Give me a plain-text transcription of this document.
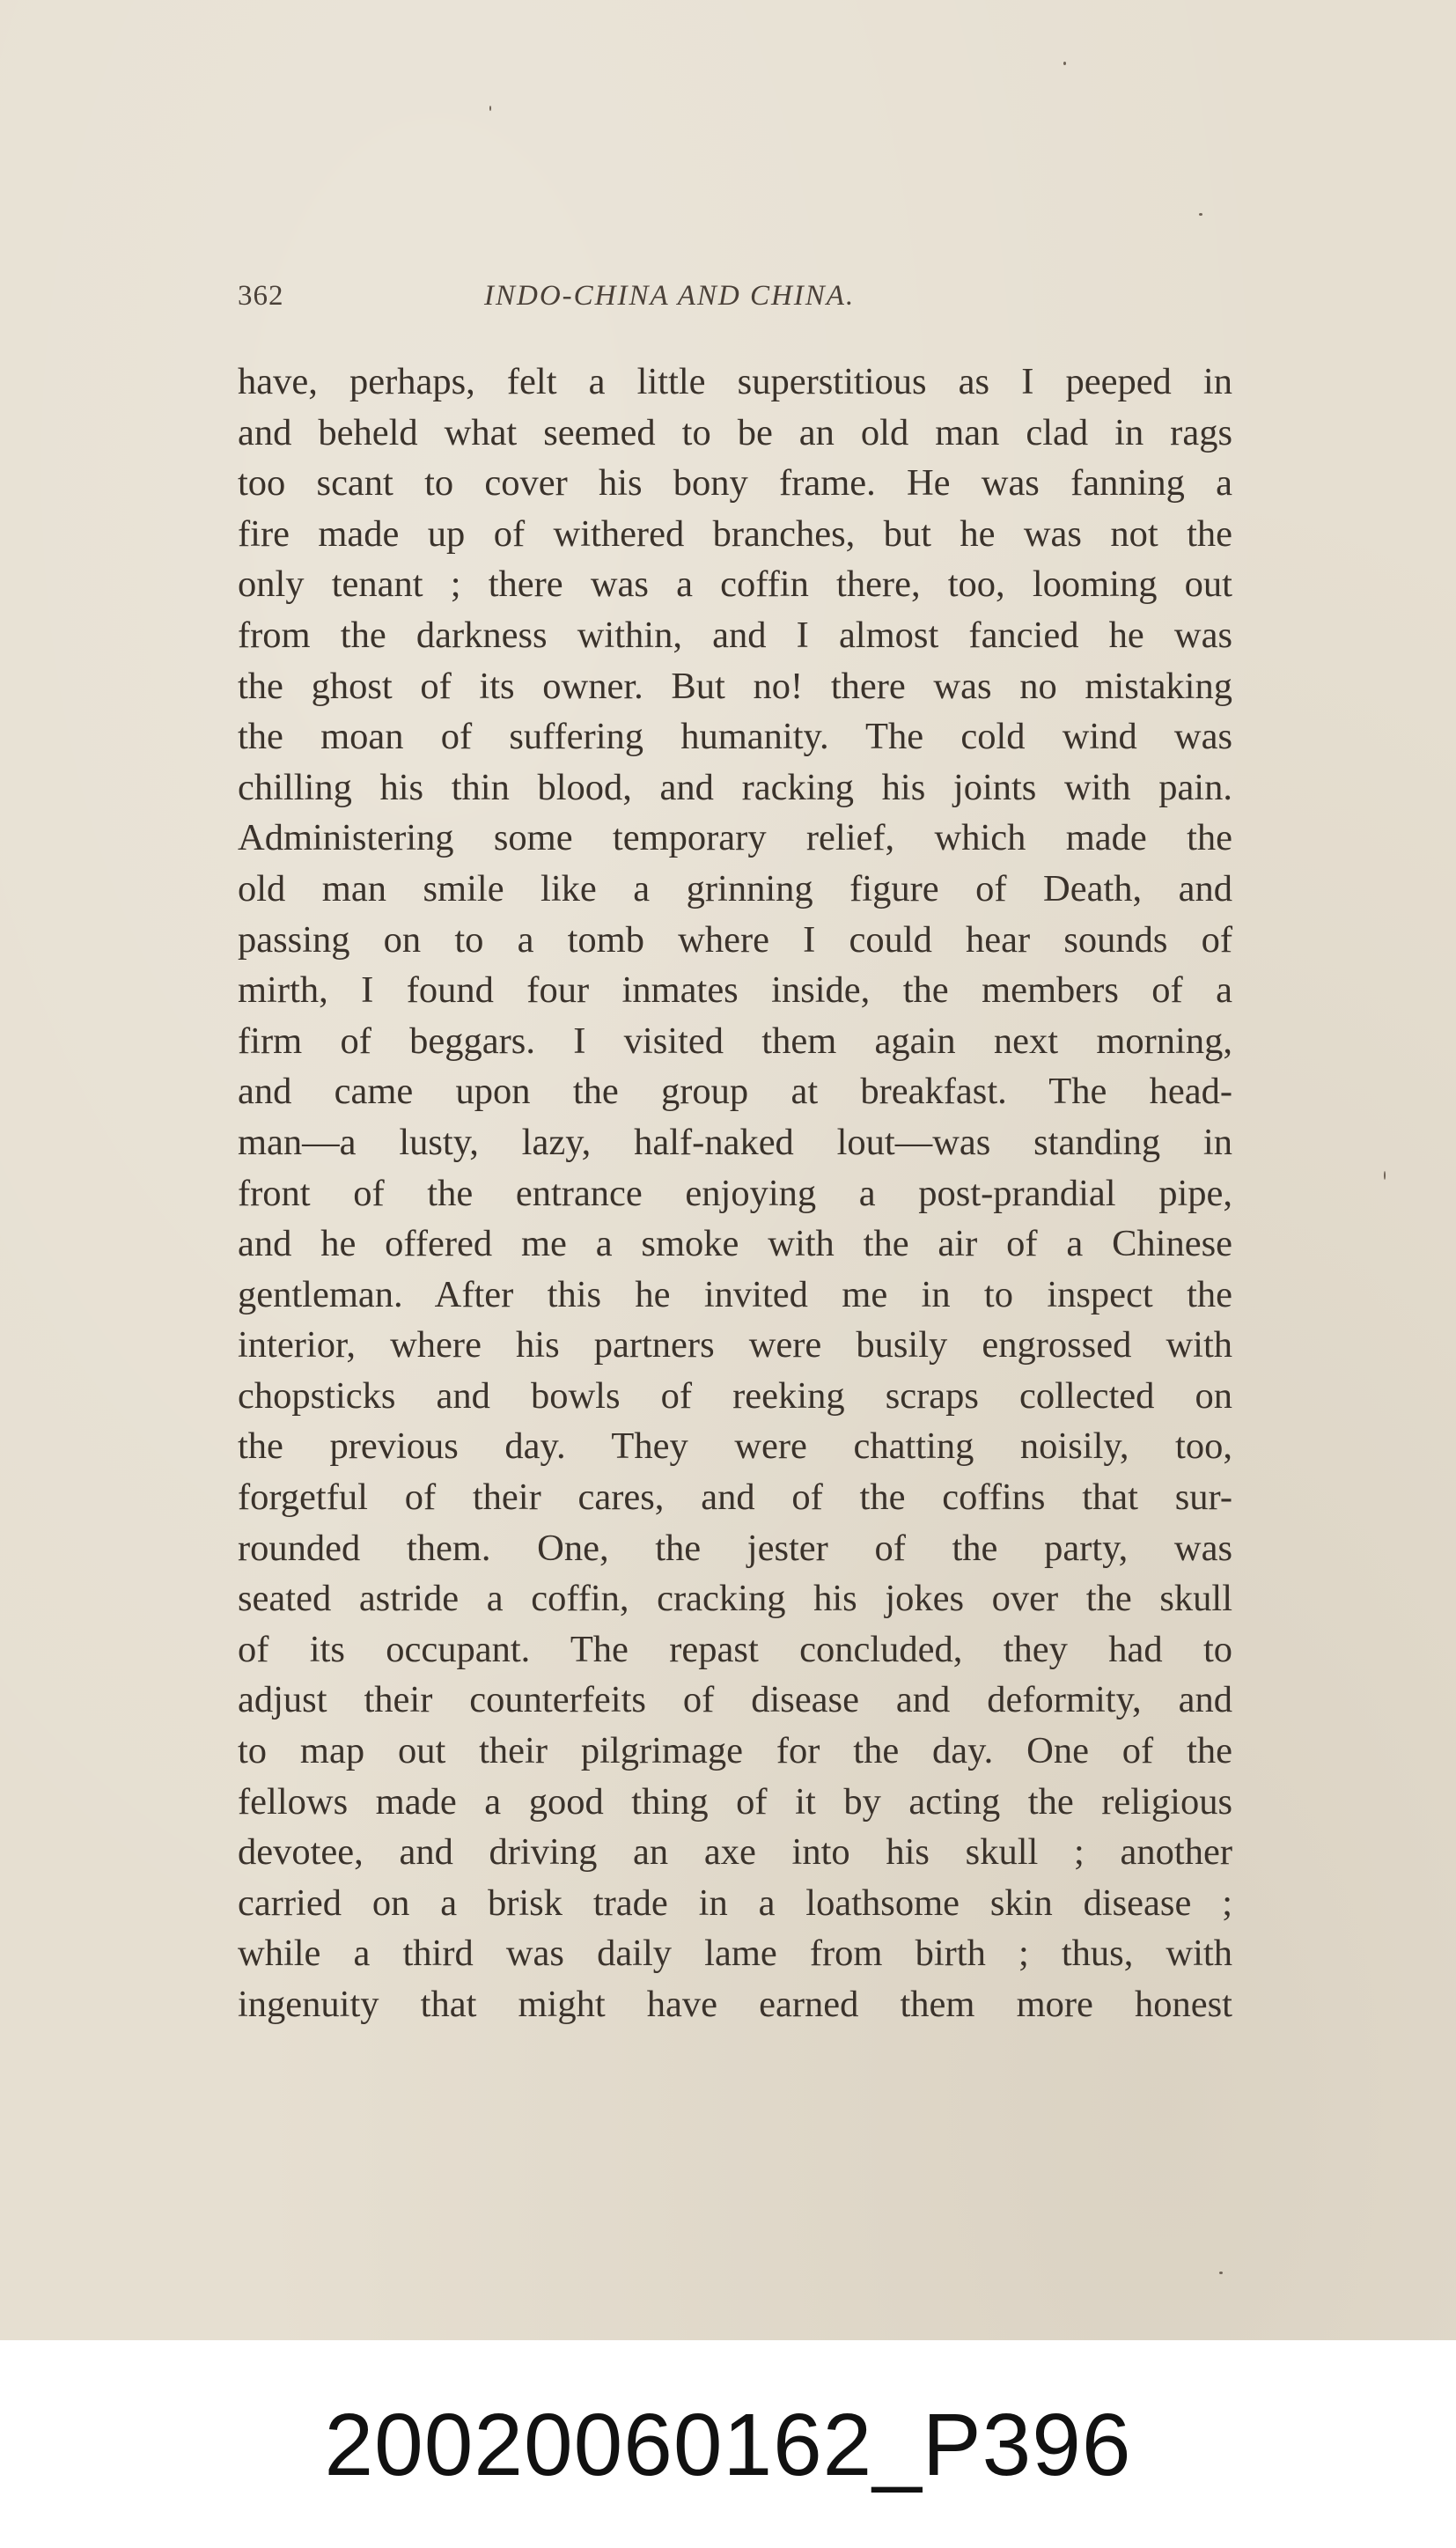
362	INDO-CHINA AND CHINA.
have, perhaps, felt a little superstitious as I peeped in
and beheld what seemed to be an old man clad in rags
too scant to cover his bony frame. He was fanning a
fire made up of withered branches, but he was not the
only tenant ; there was a coffin there, too, looming out
from the darkness within, and I almost fancied he was
the ghost of its owner. But no! there was no mistaking
the moan of suffering humanity. The cold wind was
chilling his thin blood, and racking his joints with pain.
Administering some temporary relief, which made the
old man smile like a grinning figure of Death, and
passing on to a tomb where I could hear sounds of
mirth, I found four inmates inside, the members of a
firm of beggars. I visited them again next morning,
and came upon the group at breakfast. The head-
man—a lusty, lazy, half-naked lout—was standing in
front of the entrance enjoying a post-prandial pipe,
and he offered me a smoke with the air of a Chinese
gentleman. After this he invited me in to inspect the
interior, where his partners were busily engrossed with
chopsticks and bowls of reeking scraps collected on
the previous day. They were chatting noisily, too,
forgetful of their cares, and of the coffins that sur-
rounded them. One, the jester of the party, was
seated astride a coffin, cracking his jokes over the skull
of its occupant. The repast concluded, they had to
adjust their counterfeits of disease and deformity, and
to map out their pilgrimage for the day. One of the
fellows made a good thing of it by acting the religious
devotee, and driving an axe into his skull ; another
carried on a brisk trade in a loathsome skin disease ;
while a third was daily lame from birth ; thus, with
ingenuity that might have earned them more honest
20020060162_P396
